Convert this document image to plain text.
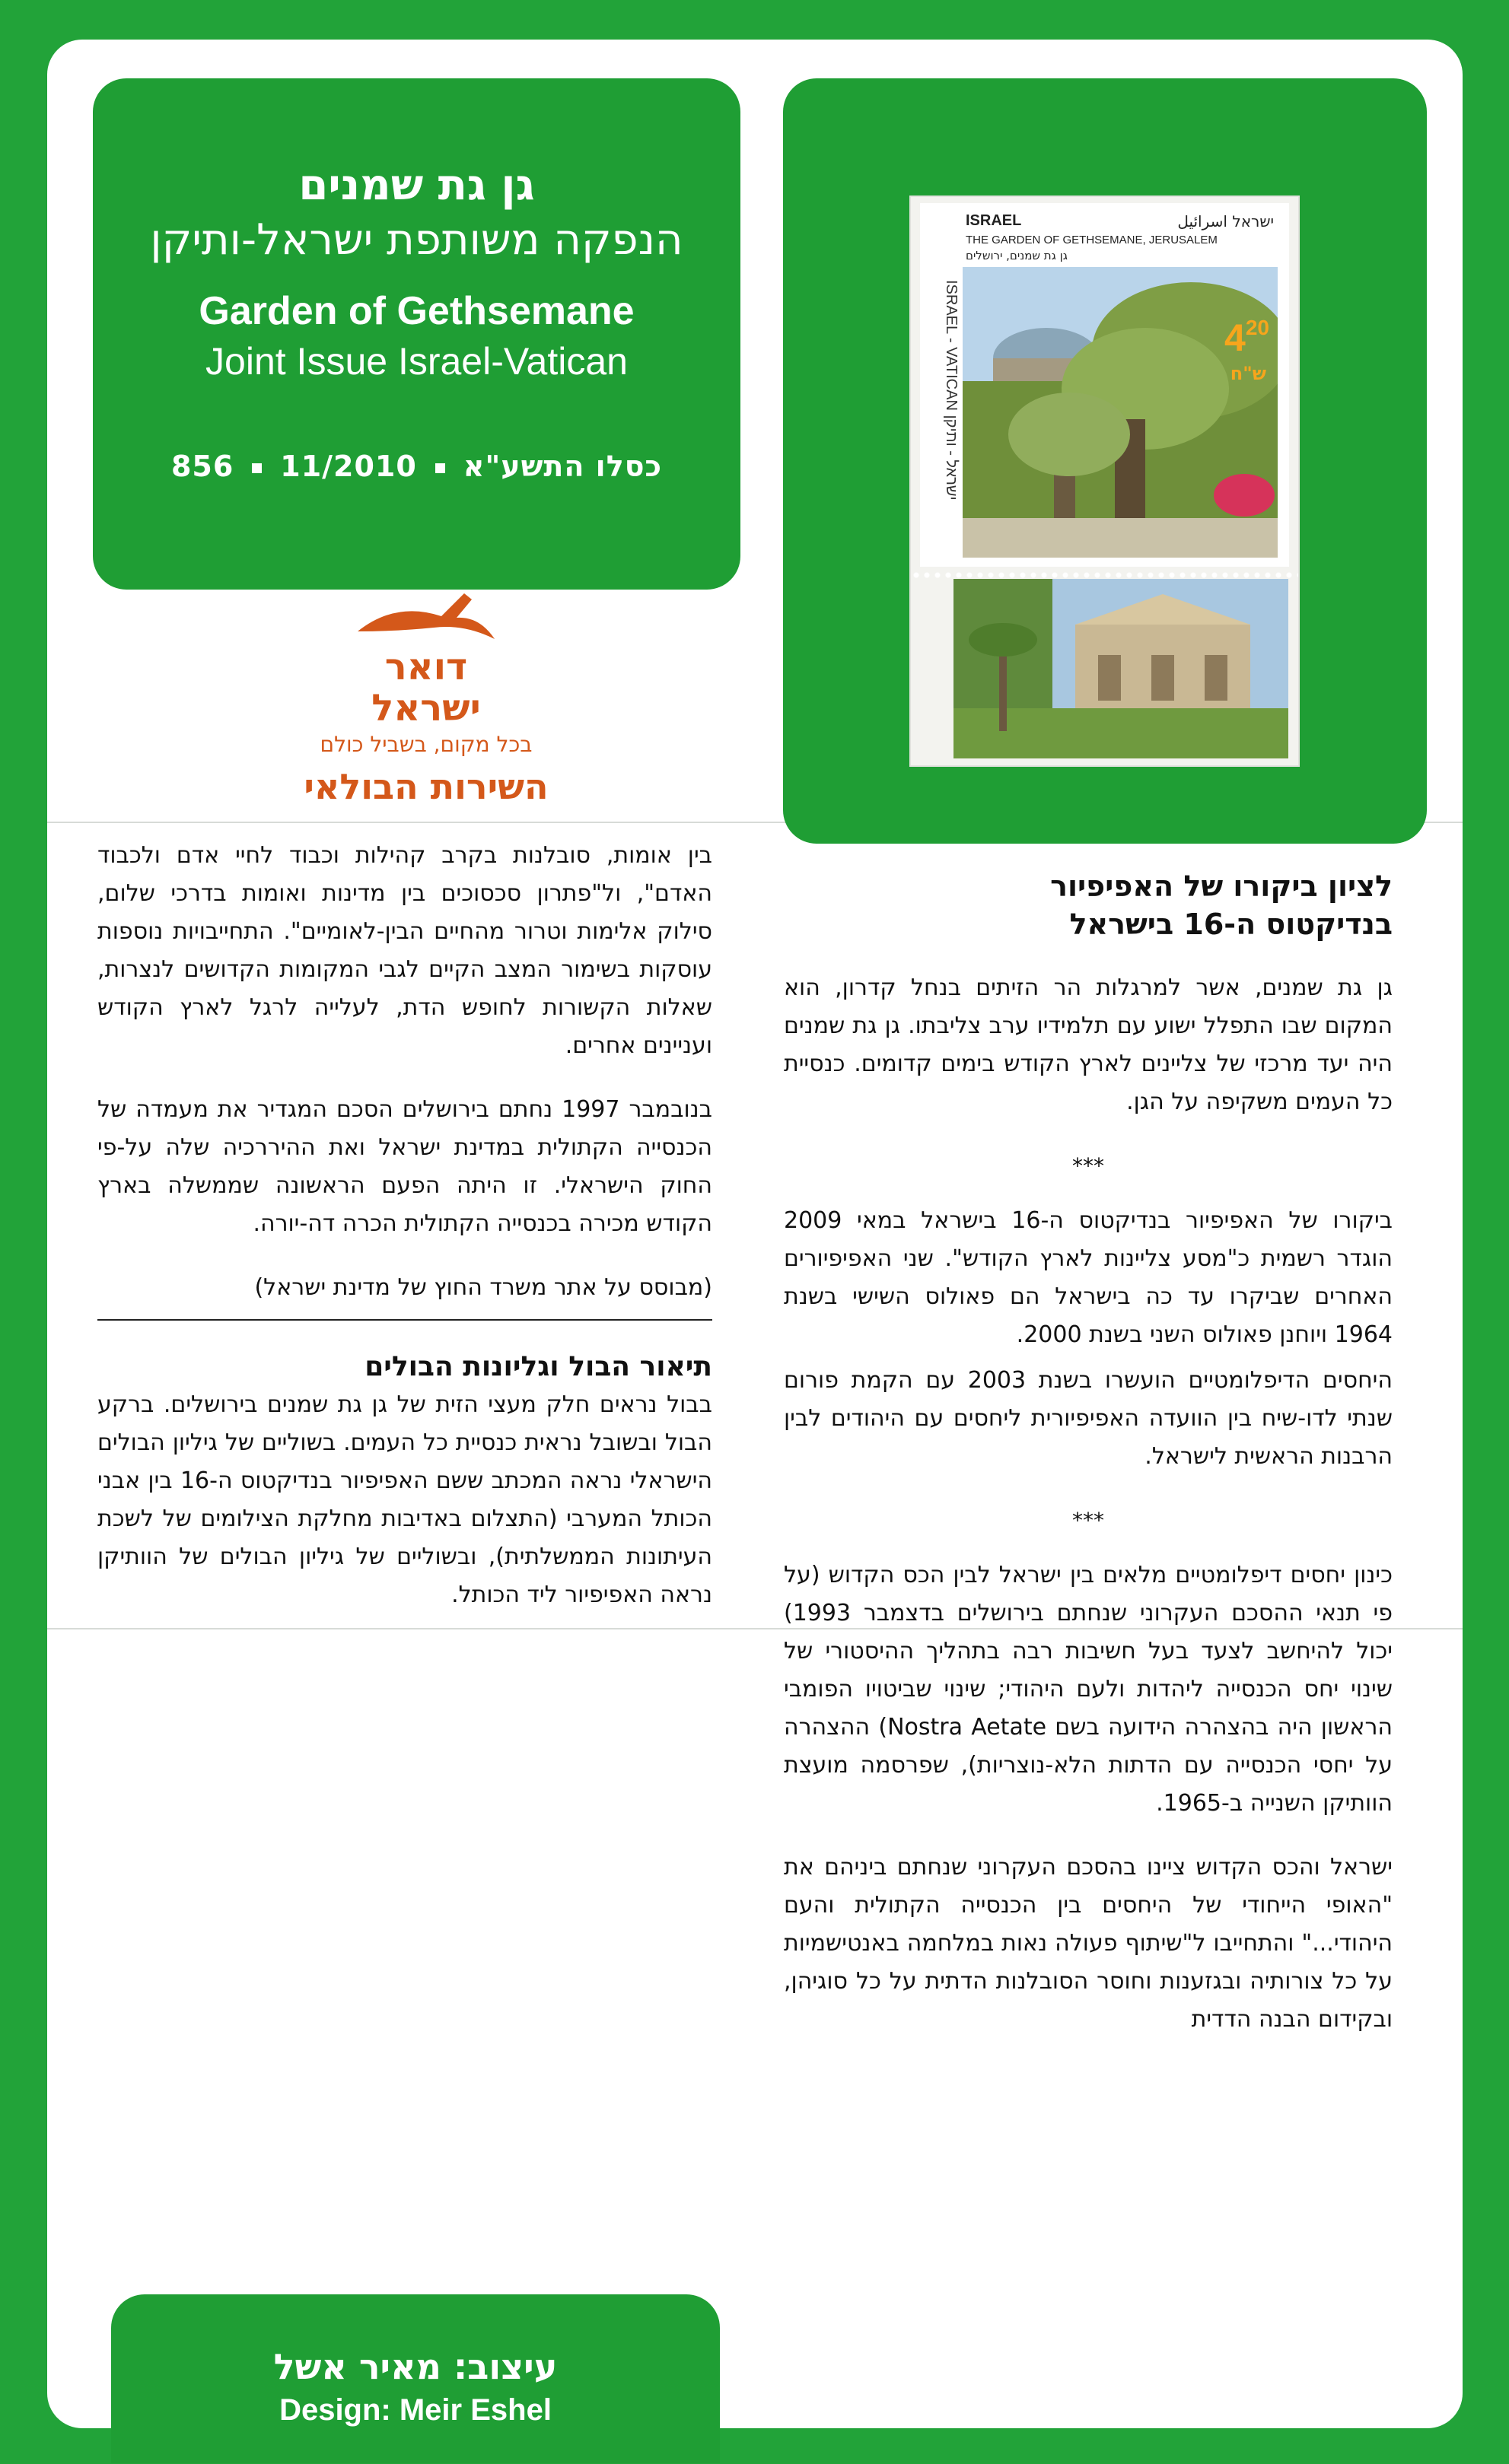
גן גת שמנים
הנפקה משותפת ישראל-ותיקן
Garden of Gethsemane
Joint Issue Israel-Vatican
856 11/2010 כסלו התשע"א
ISRAEL - VATICAN ישראל - ותיקן
ISRAEL	ישראל اسرائيل
THE GARDEN OF GETHSEMANE, JERUSALEM
גן גת שמנים, ירושלים
$4^{20}$
ש"ח
דואר
ישראל
בכל מקום, בשביל כולם
השירות הבולאי
לציון ביקורו של האפיפיור
בנדיקטוס ה-16 בישראל

גן גת שמנים, אשר למרגלות הר הזיתים בנחל קדרון, הוא המקום שבו התפלל ישוע עם תלמידיו ערב צליבתו. גן גת שמנים היה יעד מרכזי של צליינים לארץ הקודש בימים קדומים. כנסיית כל העמים משקיפה על הגן.

***

ביקורו של האפיפיור בנדיקטוס ה-16 בישראל במאי 2009 הוגדר רשמית כ"מסע צליינות לארץ הקודש". שני האפיפיורים האחרים שביקרו עד כה בישראל הם פאולוס השישי בשנת 1964 ויוחנן פאולוס השני בשנת 2000.

היחסים הדיפלומטיים הועשרו בשנת 2003 עם הקמת פורום שנתי לדו-שיח בין הוועדה האפיפיורית ליחסים עם היהודים לבין הרבנות הראשית לישראל.

***

כינון יחסים דיפלומטיים מלאים בין ישראל לבין הכס הקדוש (על פי תנאי ההסכם העקרוני שנחתם בירושלים בדצמבר 1993) יכול להיחשב לצעד בעל חשיבות רבה בתהליך ההיסטורי של שינוי יחס הכנסייה ליהדות ולעם היהודי; שינוי שביטויו הפומבי הראשון היה בהצהרה הידועה בשם Nostra Aetate) ההצהרה על יחסי הכנסייה עם הדתות הלא-נוצריות), שפרסמה מועצת הוותיקן השנייה ב-1965.

ישראל והכס הקדוש ציינו בהסכם העקרוני שנחתם ביניהם את "האופי הייחודי של היחסים בין הכנסייה הקתולית והעם היהודי..." והתחייבו ל"שיתוף פעולה נאות במלחמה באנטישמיות על כל צורותיה ובגזענות וחוסר הסובלנות הדתית על כל סוגיהן, ובקידום הבנה הדדית

בין אומות, סובלנות בקרב קהילות וכבוד לחיי אדם ולכבוד האדם", ול"פתרון סכסוכים בין מדינות ואומות בדרכי שלום, סילוק אלימות וטרור מהחיים הבין-לאומיים". התחייבויות נוספות עוסקות בשימור המצב הקיים לגבי המקומות הקדושים לנצרות, שאלות הקשורות לחופש הדת, לעלייה לרגל לארץ הקודש ועניינים אחרים.

בנובמבר 1997 נחתם בירושלים הסכם המגדיר את מעמדה של הכנסייה הקתולית במדינת ישראל ואת ההיררכיה שלה על-פי החוק הישראלי. זו היתה הפעם הראשונה שממשלה בארץ הקודש מכירה בכנסייה הקתולית הכרה דה-יורה.

(מבוסס על אתר משרד החוץ של מדינת ישראל)

תיאור הבול וגליונות הבולים

בבול נראים חלק מעצי הזית של גן גת שמנים בירושלים. ברקע הבול ובשובל נראית כנסיית כל העמים. בשוליים של גיליון הבולים הישראלי נראה המכתב ששם האפיפיור בנדיקטוס ה-16 בין אבני הכותל המערבי (התצלום באדיבות מחלקת הצילומים של לשכת העיתונות הממשלתית), ובשוליים של גיליון הבולים של הוותיקן נראה האפיפיור ליד הכותל.

עיצוב: מאיר אשל
Design: Meir Eshel
